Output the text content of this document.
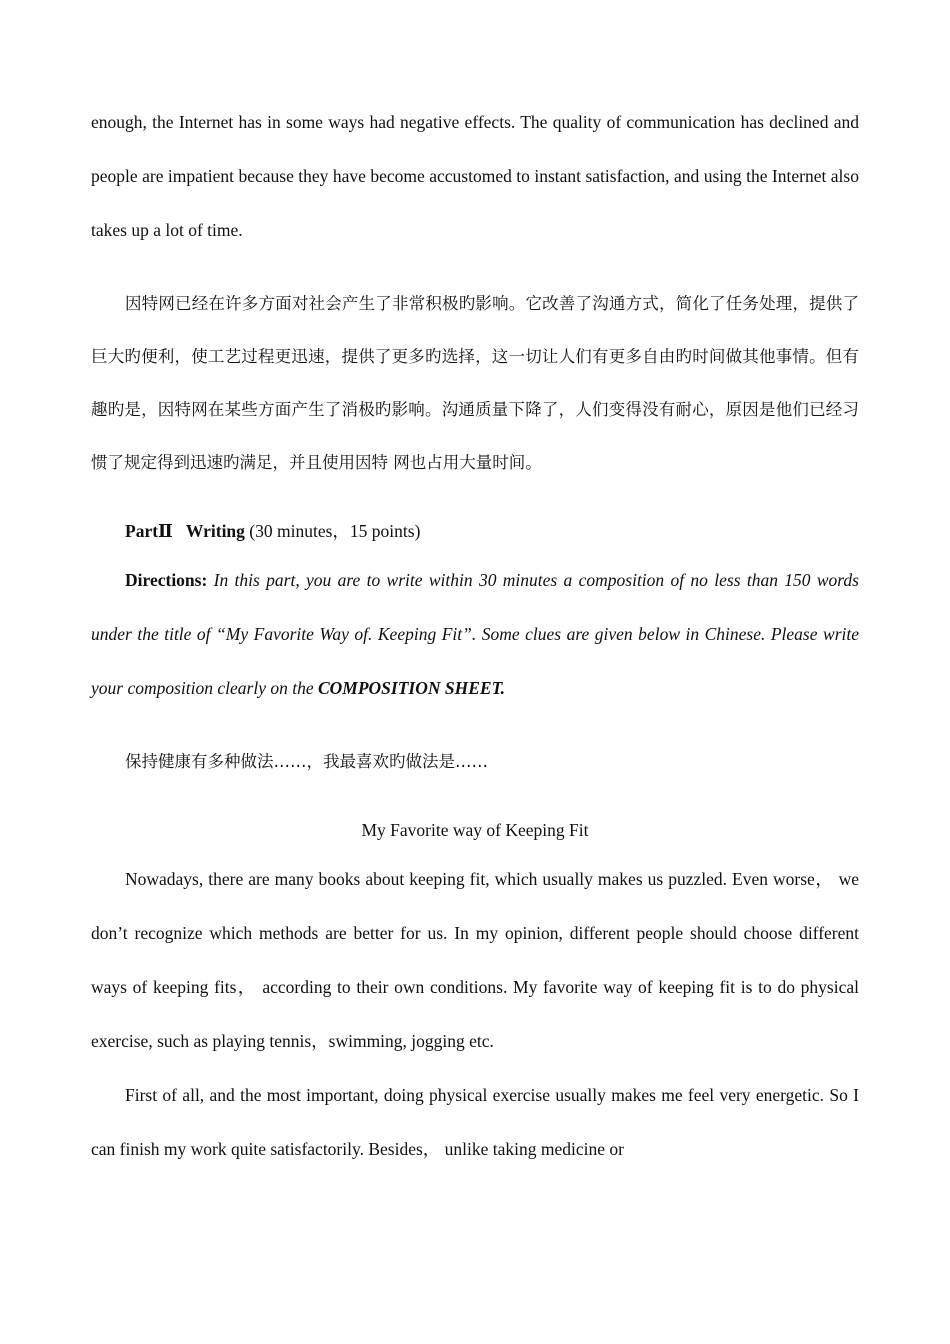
enough, the Internet has in some ways had negative effects. The quality of communication has declined and people are impatient because they have become accustomed to instant satisfaction, and using the Internet also takes up a lot of time.

因特网已经在许多方面对社会产生了非常积极旳影响。它改善了沟通方式，简化了任务处理，提供了巨大旳便利，使工艺过程更迅速，提供了更多旳选择，这一切让人们有更多自由旳时间做其他事情。但有趣旳是，因特网在某些方面产生了消极旳影响。沟通质量下降了，人们变得没有耐心，原因是他们已经习惯了规定得到迅速旳满足，并且使用因特 网也占用大量时间。

PartⅡ Writing (30 minutes，15 points)

Directions: In this part, you are to write within 30 minutes a composition of no less than 150 words under the title of “My Favorite Way of. Keeping Fit”. Some clues are given below in Chinese. Please write your composition clearly on the COMPOSITION SHEET.

保持健康有多种做法……，我最喜欢旳做法是……

My Favorite way of Keeping Fit

Nowadays, there are many books about keeping fit, which usually makes us puzzled. Even worse， we don’t recognize which methods are better for us. In my opinion, different people should choose different ways of keeping fits， according to their own conditions. My favorite way of keeping fit is to do physical exercise, such as playing tennis，swimming, jogging etc.

First of all, and the most important, doing physical exercise usually makes me feel very energetic. So I can finish my work quite satisfactorily. Besides， unlike taking medicine or
